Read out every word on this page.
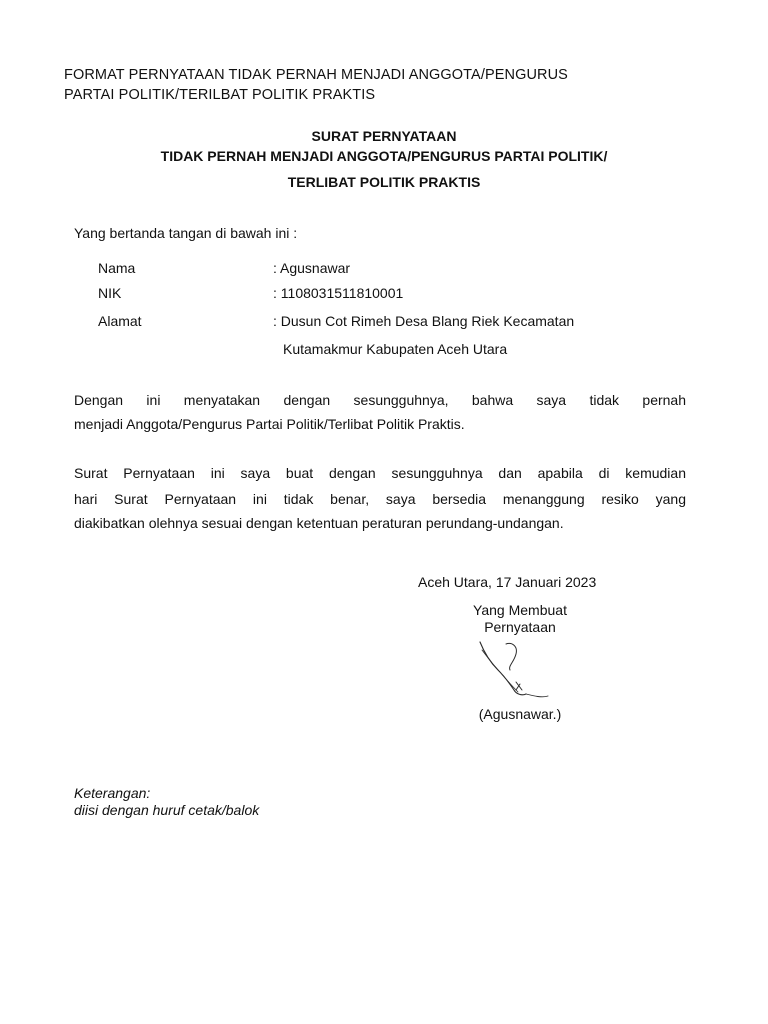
FORMAT PERNYATAAN TIDAK PERNAH MENJADI ANGGOTA/PENGURUS
PARTAI POLITIK/TERILBAT POLITIK PRAKTIS
SURAT PERNYATAAN
TIDAK PERNAH MENJADI ANGGOTA/PENGURUS PARTAI POLITIK/
TERLIBAT POLITIK PRAKTIS
Yang bertanda tangan di bawah ini :
Nama	: Agusnawar
NIK	: 1108031511810001
Alamat	: Dusun Cot Rimeh Desa Blang Riek Kecamatan
Kutamakmur Kabupaten Aceh Utara
Dengan ini menyatakan dengan sesungguhnya, bahwa saya tidak pernah
menjadi Anggota/Pengurus Partai Politik/Terlibat Politik Praktis.
Surat Pernyataan ini saya buat dengan sesungguhnya dan apabila di kemudian
hari Surat Pernyataan ini tidak benar, saya bersedia menanggung resiko yang
diakibatkan olehnya sesuai dengan ketentuan peraturan perundang-undangan.
Aceh Utara, 17 Januari 2023
Yang Membuat
Pernyataan
(Agusnawar.)
Keterangan:
diisi dengan huruf cetak/balok
